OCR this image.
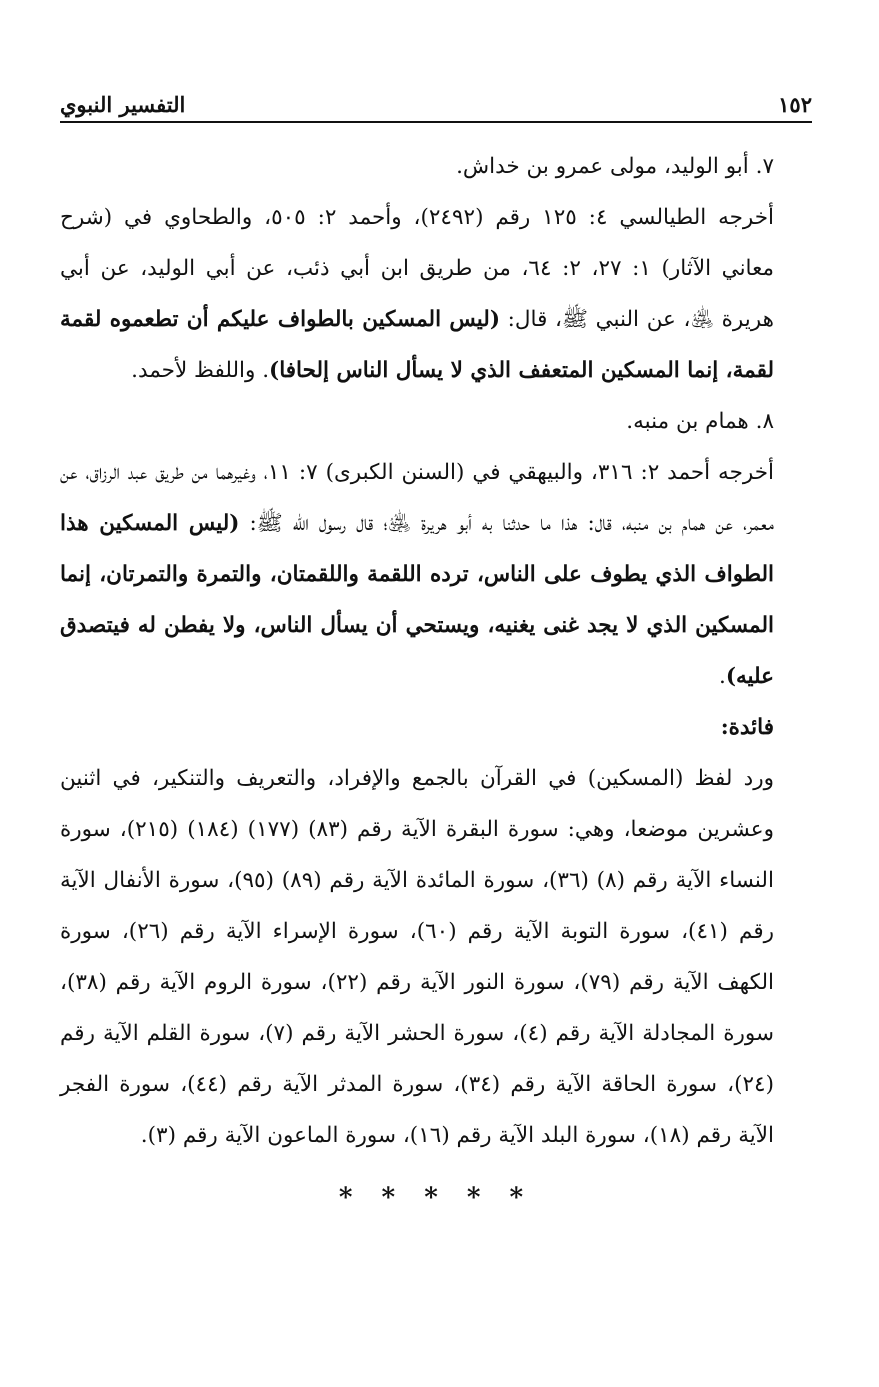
١٥٢
التفسير النبوي

٧. أبو الوليد، مولى عمرو بن خداش.

أخرجه الطيالسي ٤: ١٢٥ رقم (٢٤٩٢)، وأحمد ٢: ٥٠٥، والطحاوي في (شرح معاني الآثار) ١: ٢٧، ٢: ٦٤، من طريق ابن أبي ذئب، عن أبي الوليد، عن أبي هريرة ﵁، عن النبي ﷺ، قال: (ليس المسكين بالطواف عليكم أن تطعموه لقمة لقمة، إنما المسكين المتعفف الذي لا يسأل الناس إلحافا). واللفظ لأحمد.

٨. همام بن منبه.

أخرجه أحمد ٢: ٣١٦، والبيهقي في (السنن الكبرى) ٧: ١١، وغيرهما من طريق عبد الرزاق، عن معمر، عن همام بن منبه، قال: هذا ما حدثنا به أبو هريرة ﵁؛ قال رسول الله ﷺ: (ليس المسكين هذا الطواف الذي يطوف على الناس، ترده اللقمة واللقمتان، والتمرة والتمرتان، إنما المسكين الذي لا يجد غنى يغنيه، ويستحي أن يسأل الناس، ولا يفطن له فيتصدق عليه).

فائدة:

ورد لفظ (المسكين) في القرآن بالجمع والإفراد، والتعريف والتنكير، في اثنين وعشرين موضعا، وهي: سورة البقرة الآية رقم (٨٣) (١٧٧) (١٨٤) (٢١٥)، سورة النساء الآية رقم (٨) (٣٦)، سورة المائدة الآية رقم (٨٩) (٩٥)، سورة الأنفال الآية رقم (٤١)، سورة التوبة الآية رقم (٦٠)، سورة الإسراء الآية رقم (٢٦)، سورة الكهف الآية رقم (٧٩)، سورة النور الآية رقم (٢٢)، سورة الروم الآية رقم (٣٨)، سورة المجادلة الآية رقم (٤)، سورة الحشر الآية رقم (٧)، سورة القلم الآية رقم (٢٤)، سورة الحاقة الآية رقم (٣٤)، سورة المدثر الآية رقم (٤٤)، سورة الفجر الآية رقم (١٨)، سورة البلد الآية رقم (١٦)، سورة الماعون الآية رقم (٣).

* * * * *
